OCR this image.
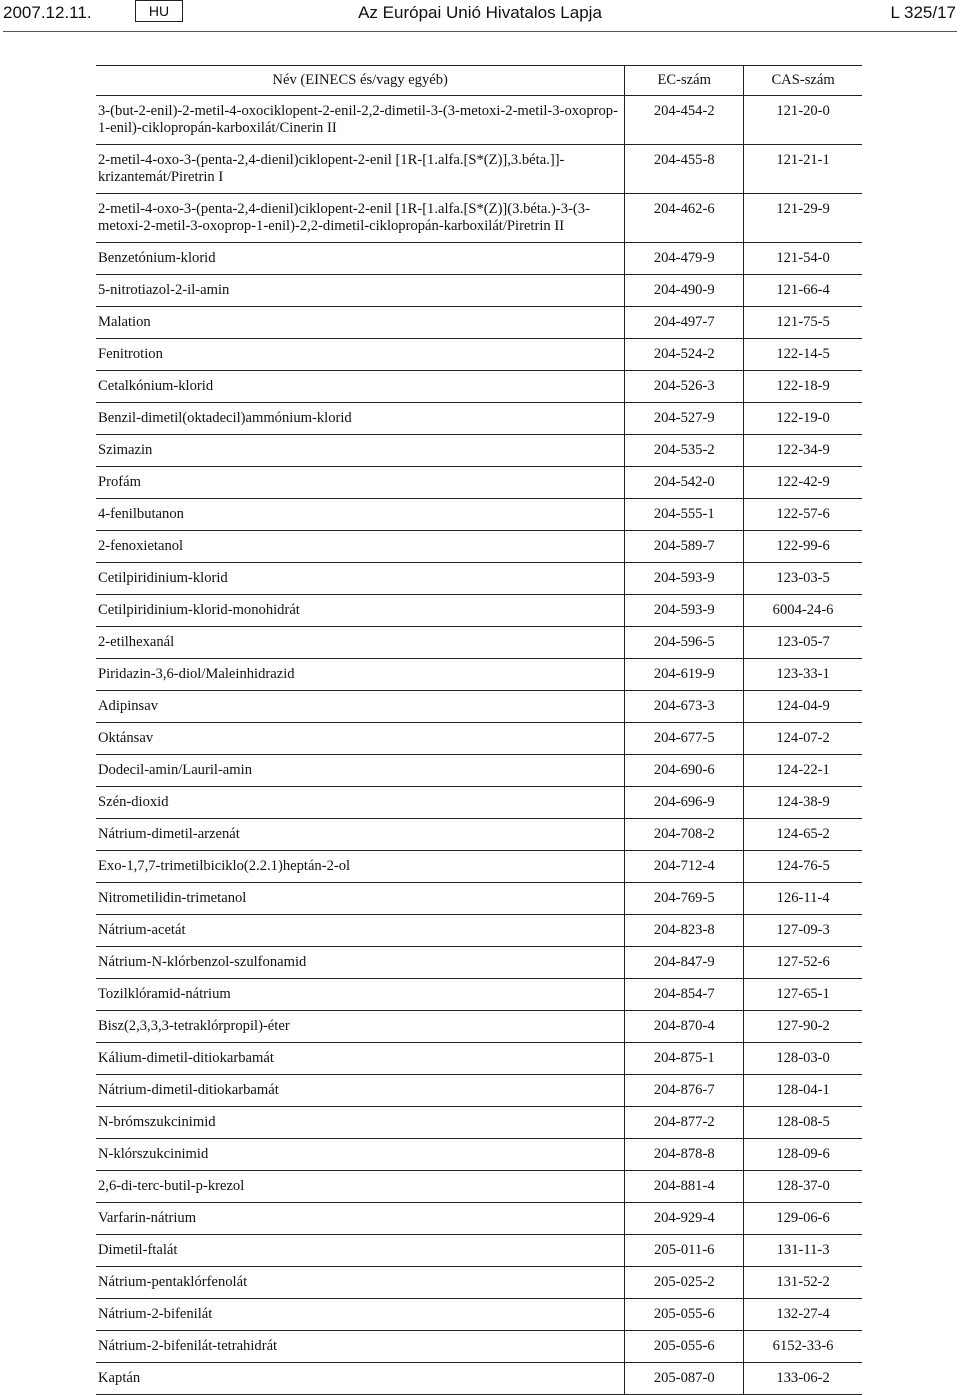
2007.12.11.	HU	Az Európai Unió Hivatalos Lapja	L 325/17
Név (EINECS és/vagy egyéb)	EC-szám	CAS-szám
3-(but-2-enil)-2-metil-4-oxociklopent-2-enil-2,2-dimetil-3-(3-metoxi-2-metil-3-oxoprop-1-enil)-ciklopropán-karboxilát/Cinerin II	204-454-2	121-20-0
2-metil-4-oxo-3-(penta-2,4-dienil)ciklopent-2-enil [1R-[1.alfa.[S*(Z)],3.béta.]]-krizantemát/Piretrin I	204-455-8	121-21-1
2-metil-4-oxo-3-(penta-2,4-dienil)ciklopent-2-enil [1R-[1.alfa.[S*(Z)](3.béta.)-3-(3-metoxi-2-metil-3-oxoprop-1-enil)-2,2-dimetil-ciklopropán-karboxilát/Piretrin II	204-462-6	121-29-9
Benzetónium-klorid	204-479-9	121-54-0
5-nitrotiazol-2-il-amin	204-490-9	121-66-4
Malation	204-497-7	121-75-5
Fenitrotion	204-524-2	122-14-5
Cetalkónium-klorid	204-526-3	122-18-9
Benzil-dimetil(oktadecil)ammónium-klorid	204-527-9	122-19-0
Szimazin	204-535-2	122-34-9
Profám	204-542-0	122-42-9
4-fenilbutanon	204-555-1	122-57-6
2-fenoxietanol	204-589-7	122-99-6
Cetilpiridinium-klorid	204-593-9	123-03-5
Cetilpiridinium-klorid-monohidrát	204-593-9	6004-24-6
2-etilhexanál	204-596-5	123-05-7
Piridazin-3,6-diol/Maleinhidrazid	204-619-9	123-33-1
Adipinsav	204-673-3	124-04-9
Oktánsav	204-677-5	124-07-2
Dodecil-amin/Lauril-amin	204-690-6	124-22-1
Szén-dioxid	204-696-9	124-38-9
Nátrium-dimetil-arzenát	204-708-2	124-65-2
Exo-1,7,7-trimetilbiciklo(2.2.1)heptán-2-ol	204-712-4	124-76-5
Nitrometilidin-trimetanol	204-769-5	126-11-4
Nátrium-acetát	204-823-8	127-09-3
Nátrium-N-klórbenzol-szulfonamid	204-847-9	127-52-6
Tozilklóramid-nátrium	204-854-7	127-65-1
Bisz(2,3,3,3-tetraklórpropil)-éter	204-870-4	127-90-2
Kálium-dimetil-ditiokarbamát	204-875-1	128-03-0
Nátrium-dimetil-ditiokarbamát	204-876-7	128-04-1
N-brómszukcinimid	204-877-2	128-08-5
N-klórszukcinimid	204-878-8	128-09-6
2,6-di-terc-butil-p-krezol	204-881-4	128-37-0
Varfarin-nátrium	204-929-4	129-06-6
Dimetil-ftalát	205-011-6	131-11-3
Nátrium-pentaklórfenolát	205-025-2	131-52-2
Nátrium-2-bifenilát	205-055-6	132-27-4
Nátrium-2-bifenilát-tetrahidrát	205-055-6	6152-33-6
Kaptán	205-087-0	133-06-2
